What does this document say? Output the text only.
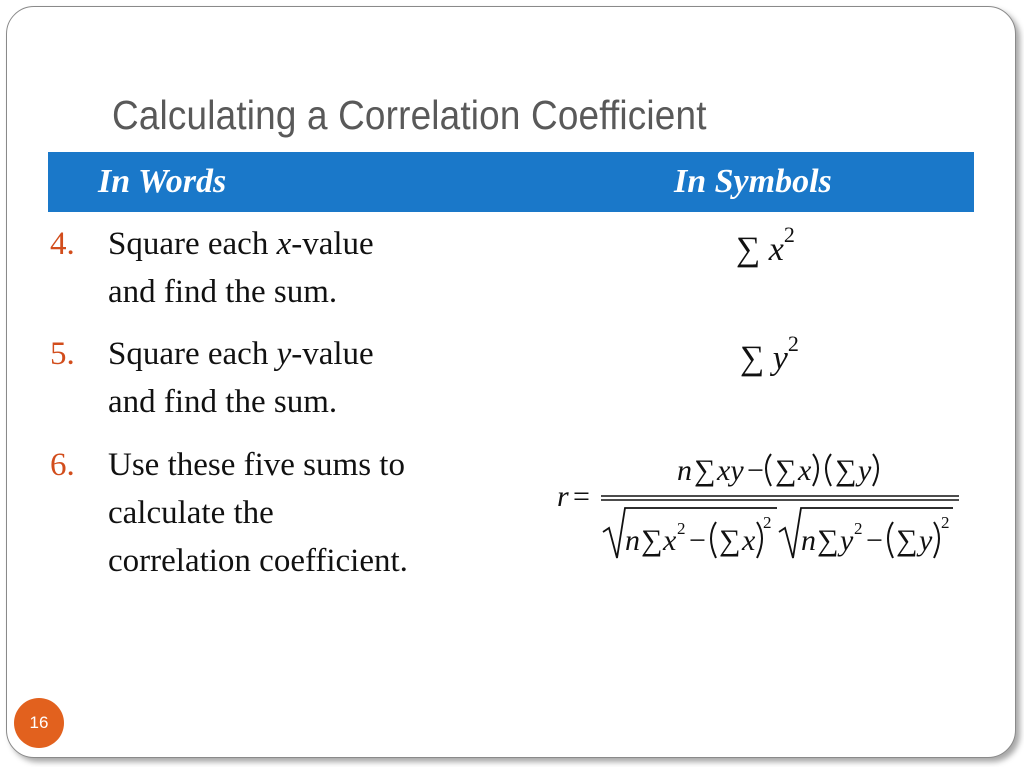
Calculating a Correlation Coefficient
In Words	In Symbols
4. Square each x-value
and find the sum.
∑ $x^2$
5. Square each y-value
and find the sum.
∑ $y^2$
6. Use these five sums to
calculate the
correlation coefficient.
r =
n ∑ xy − ∑ x ∑ y
n ∑ x 2 − ∑ x
2
n ∑ y 2 − ∑ y
2
16
